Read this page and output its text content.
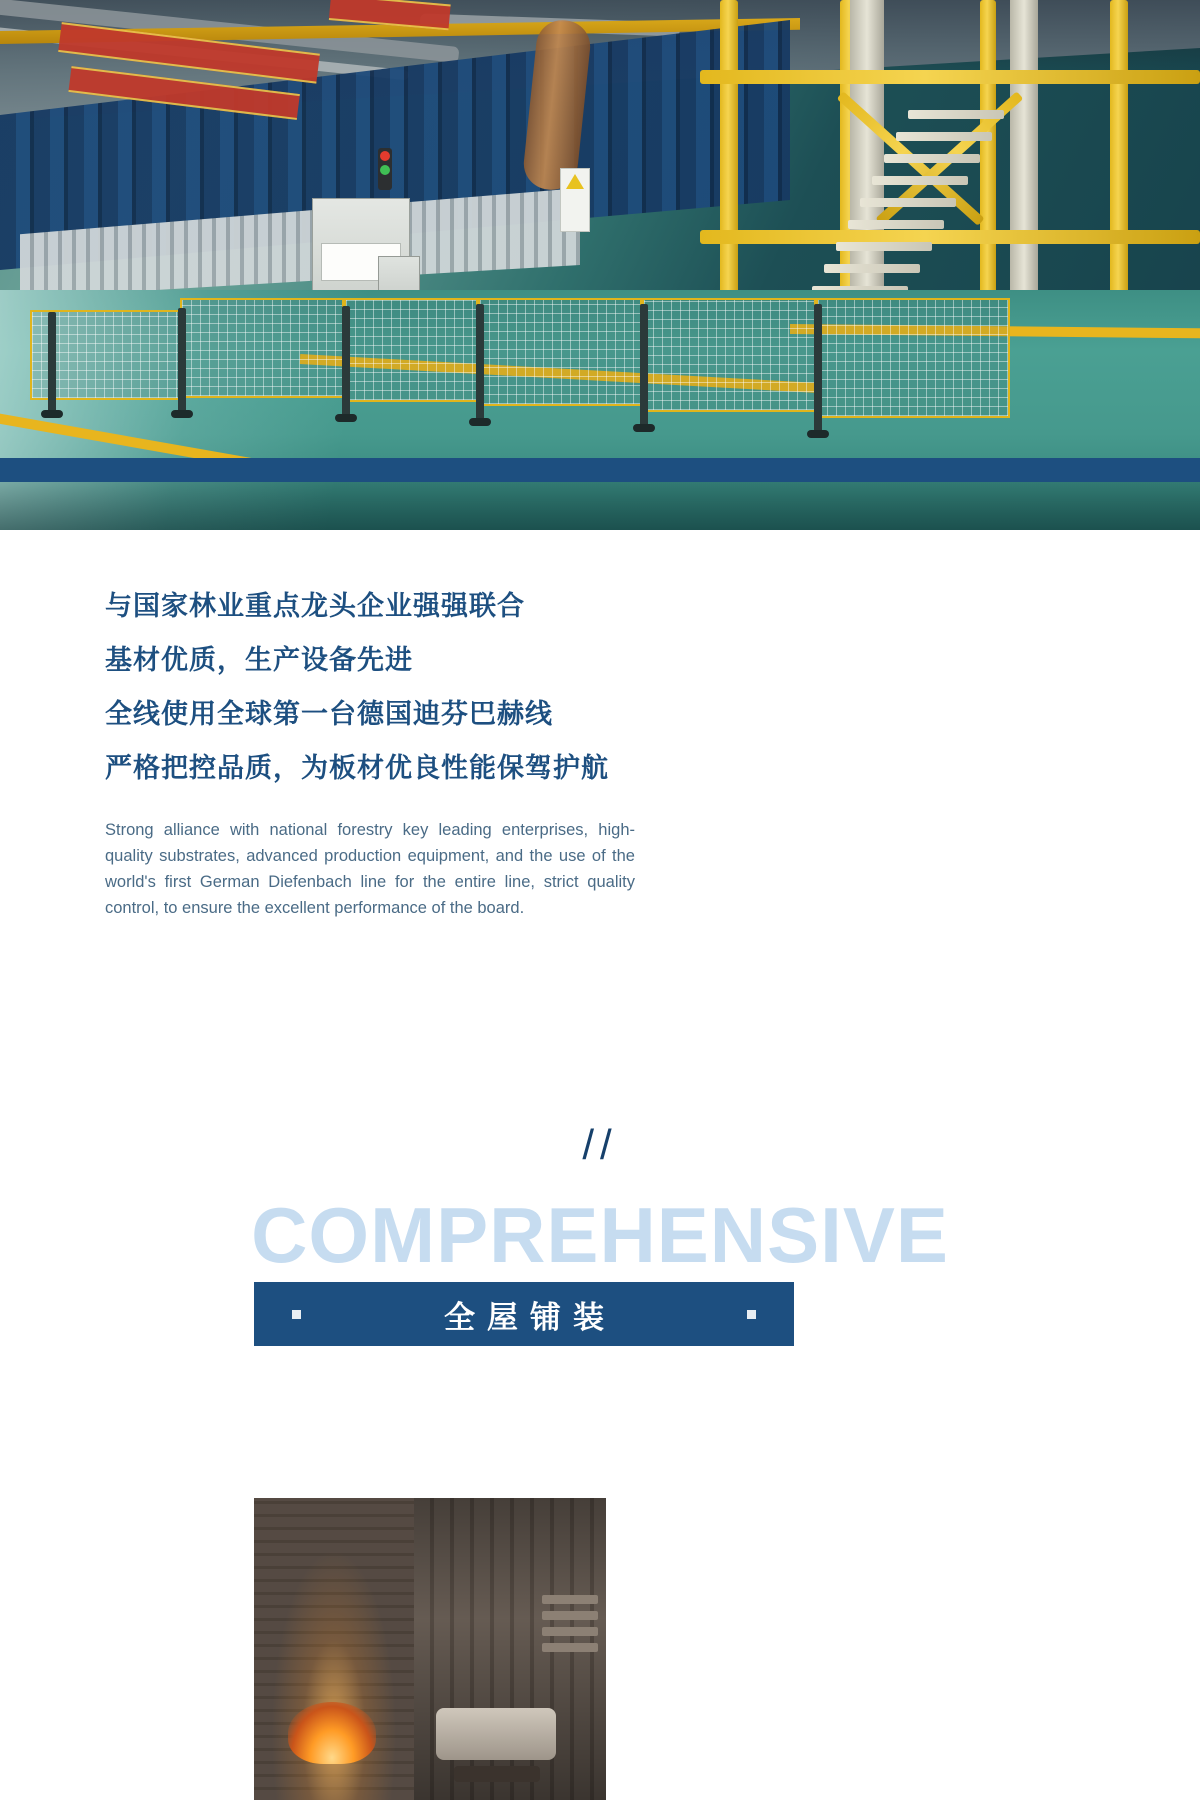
与国家林业重点龙头企业强强联合
基材优质，生产设备先进
全线使用全球第一台德国迪芬巴赫线
严格把控品质，为板材优良性能保驾护航

Strong alliance with national forestry key leading enterprises, high-quality substrates, advanced production equipment, and the use of the world's first German Diefenbach line for the entire line, strict quality control, to ensure the excellent performance of the board.

//
COMPREHENSIVE
全屋铺装
